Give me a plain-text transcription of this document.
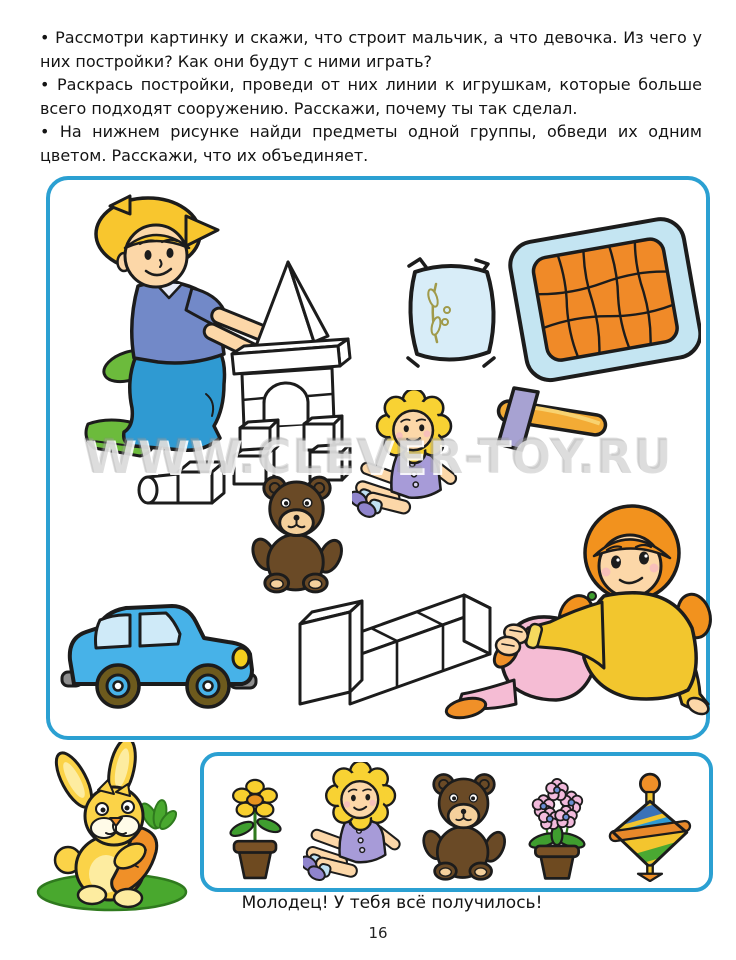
• Рассмотри картинку и скажи, что строит мальчик, а что девочка. Из чего у них постройки? Как они будут с ними играть?

• Раскрась постройки, проведи от них линии к игрушкам, которые больше всего подходят сооружению. Расскажи, почему ты так сделал.

• На нижнем рисунке найди предметы одной группы, обведи их одним цветом. Расскажи, что их объединяет.

WWW.CLEVER-TOY.RU
Молодец! У тебя всё получилось!
16
